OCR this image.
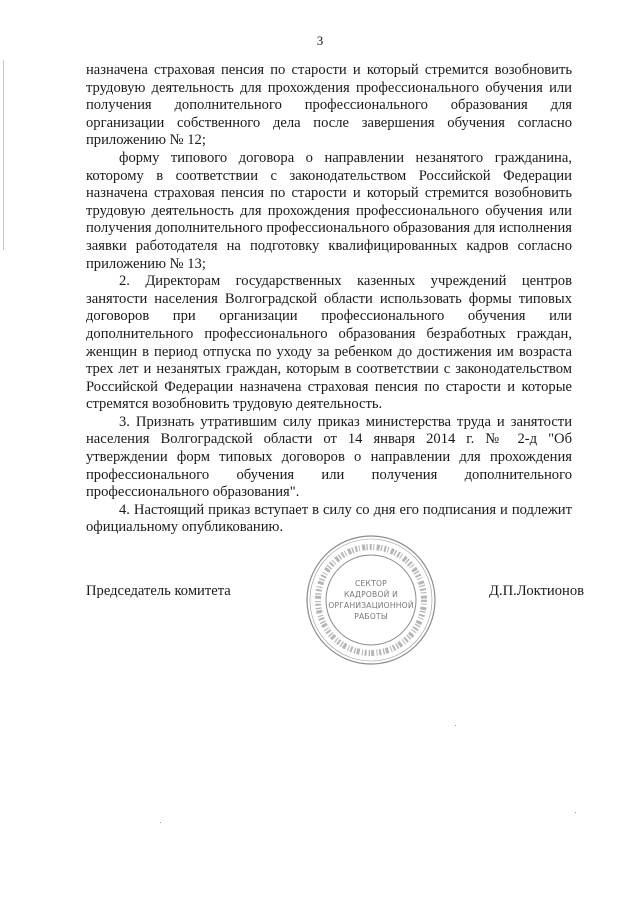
3

назначена страховая пенсия по старости и который стремится возобновить трудовую деятельность для прохождения профессионального обучения или получения дополнительного профессионального образования для организации собственного дела после завершения обучения согласно приложению № 12;

форму типового договора о направлении незанятого гражданина, которому в соответствии с законодательством Российской Федерации назначена страховая пенсия по старости и который стремится возобновить трудовую деятельность для прохождения профессионального обучения или получения дополнительного профессионального образования для исполнения заявки работодателя на подготовку квалифицированных кадров согласно приложению № 13;

2. Директорам государственных казенных учреждений центров занятости населения Волгоградской области использовать формы типовых договоров при организации профессионального обучения или дополнительного профессионального образования безработных граждан, женщин в период отпуска по уходу за ребенком до достижения им возраста трех лет и незанятых граждан, которым в соответствии с законодательством Российской Федерации назначена страховая пенсия по старости и которые стремятся возобновить трудовую деятельность.

3. Признать утратившим силу приказ министерства труда и занятости населения Волгоградской области от 14 января 2014 г. № 2-д "Об утверждении форм типовых договоров о направлении для прохождения профессионального обучения или получения дополнительного профессионального образования".

4. Настоящий приказ вступает в силу со дня его подписания и подлежит официальному опубликованию.

Председатель комитета	Д.П.Локтионов
СЕКТОР
КАДРОВОЙ И
ОРГАНИЗАЦИОННОЙ
РАБОТЫ
